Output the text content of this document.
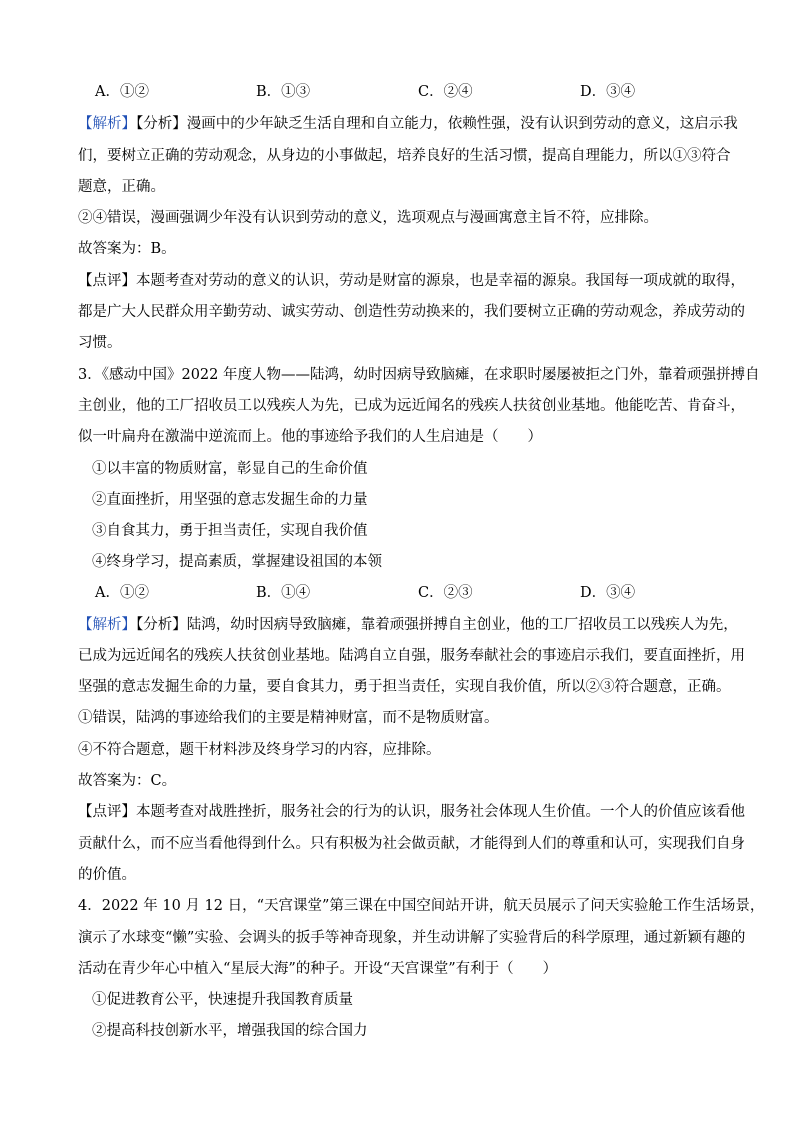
A．①②	B．①③	C．②④	D．③④
【解析】【分析】漫画中的少年缺乏生活自理和自立能力，依赖性强，没有认识到劳动的意义，这启示我
们，要树立正确的劳动观念，从身边的小事做起，培养良好的生活习惯，提高自理能力，所以①③符合
题意，正确。
②④错误，漫画强调少年没有认识到劳动的意义，选项观点与漫画寓意主旨不符，应排除。
故答案为：B。
【点评】本题考查对劳动的意义的认识，劳动是财富的源泉，也是幸福的源泉。我国每一项成就的取得，
都是广大人民群众用辛勤劳动、诚实劳动、创造性劳动换来的，我们要树立正确的劳动观念，养成劳动的
习惯。
3．《感动中国》2022 年度人物——陆鸿，幼时因病导致脑瘫，在求职时屡屡被拒之门外，靠着顽强拼搏自
主创业，他的工厂招收员工以残疾人为先，已成为远近闻名的残疾人扶贫创业基地。他能吃苦、肯奋斗，
似一叶扁舟在激湍中逆流而上。他的事迹给予我们的人生启迪是（　　）
①以丰富的物质财富，彰显自己的生命价值
②直面挫折，用坚强的意志发掘生命的力量
③自食其力，勇于担当责任，实现自我价值
④终身学习，提高素质，掌握建设祖国的本领
A．①②	B．①④	C．②③	D．③④
【解析】【分析】陆鸿，幼时因病导致脑瘫，靠着顽强拼搏自主创业，他的工厂招收员工以残疾人为先，
已成为远近闻名的残疾人扶贫创业基地。陆鸿自立自强，服务奉献社会的事迹启示我们，要直面挫折，用
坚强的意志发掘生命的力量，要自食其力，勇于担当责任，实现自我价值，所以②③符合题意，正确。
①错误，陆鸿的事迹给我们的主要是精神财富，而不是物质财富。
④不符合题意，题干材料涉及终身学习的内容，应排除。
故答案为：C。
【点评】本题考查对战胜挫折，服务社会的行为的认识，服务社会体现人生价值。一个人的价值应该看他
贡献什么，而不应当看他得到什么。只有积极为社会做贡献，才能得到人们的尊重和认可，实现我们自身
的价值。
4．2022 年 10 月 12 日，“天宫课堂”第三课在中国空间站开讲，航天员展示了问天实验舱工作生活场景，
演示了水球变“懒”实验、会调头的扳手等神奇现象，并生动讲解了实验背后的科学原理，通过新颖有趣的
活动在青少年心中植入“星辰大海”的种子。开设“天宫课堂”有利于（　　）
①促进教育公平，快速提升我国教育质量
②提高科技创新水平，增强我国的综合国力
